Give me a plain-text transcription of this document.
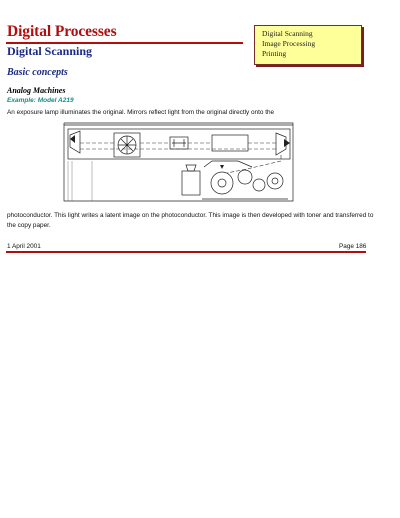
Digital Processes
Digital Scanning
Digital Scanning
Image Processing
Printing
Basic concepts
Analog Machines

Example: Model A219

An exposure lamp illuminates the original. Mirrors reflect light from the original directly onto the

photoconductor. This light writes a latent image on the photoconductor. This image is then developed with toner and transferred to the copy paper.

1 April 2001	Page 186
